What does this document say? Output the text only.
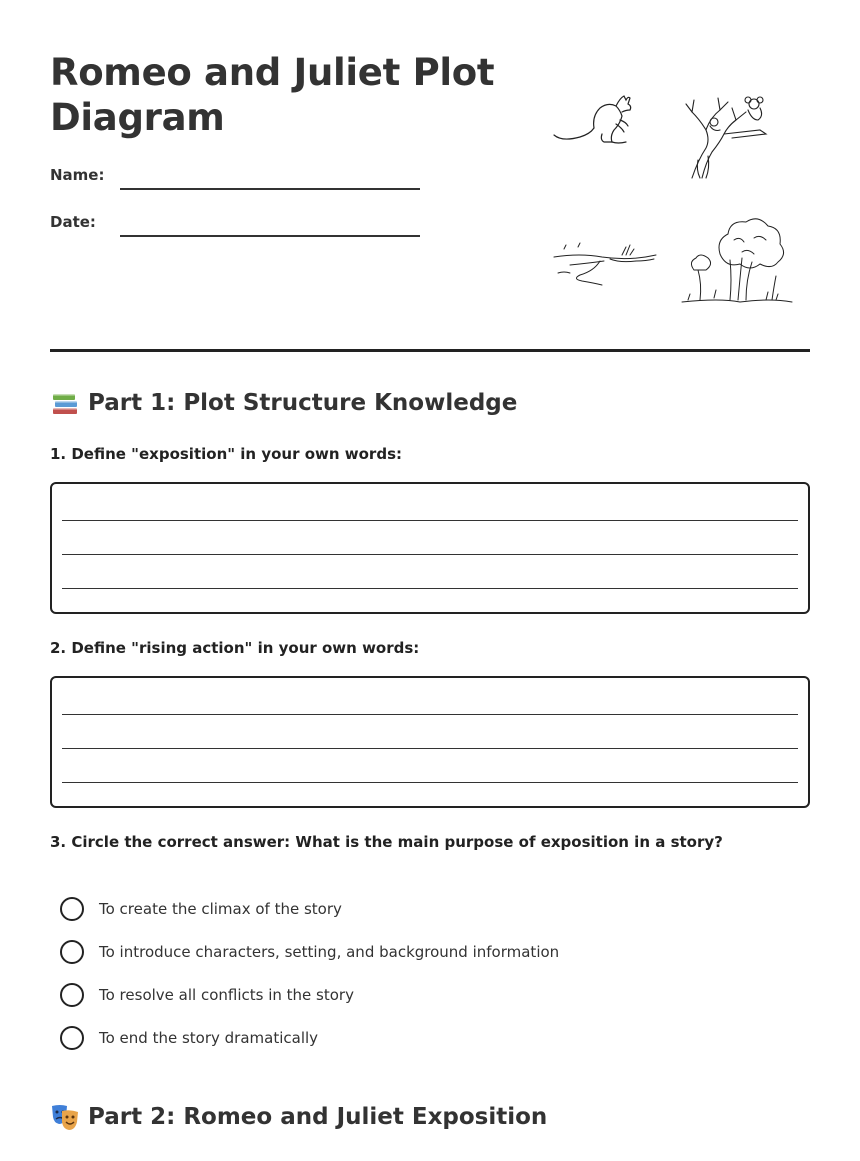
Romeo and Juliet Plot Diagram
Name:
Date:
Part 1: Plot Structure Knowledge

1. Define "exposition" in your own words:

2. Define "rising action" in your own words:

3. Circle the correct answer: What is the main purpose of exposition in a story?

To create the climax of the story
To introduce characters, setting, and background information
To resolve all conflicts in the story
To end the story dramatically
Part 2: Romeo and Juliet Exposition
